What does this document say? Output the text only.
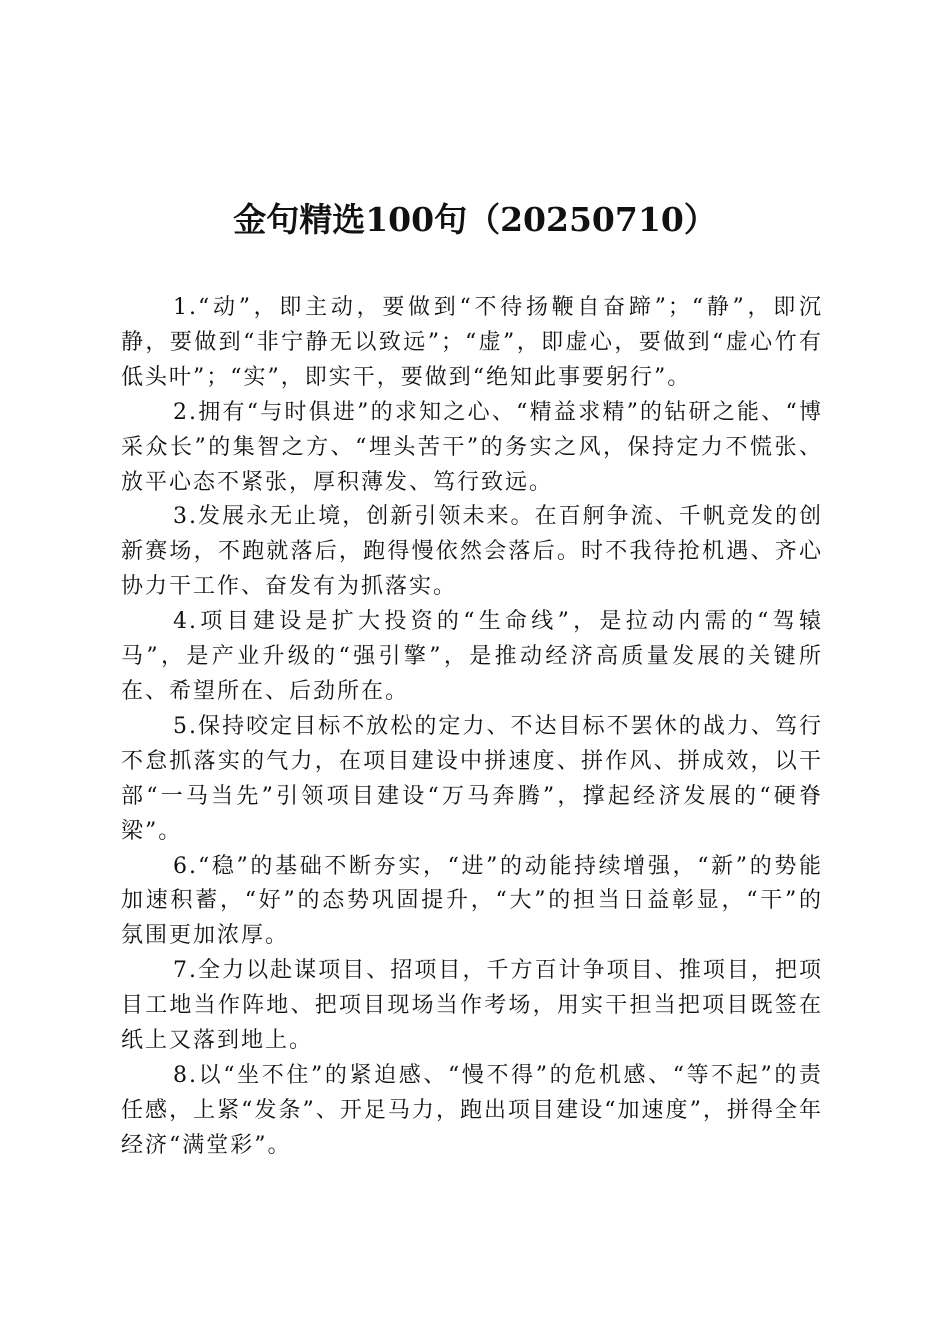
金句精选100句（20250710）

1.“动”，即主动，要做到“不待扬鞭自奋蹄”；“静”，即沉静，要做到“非宁静无以致远”；“虚”，即虚心，要做到“虚心竹有低头叶”；“实”，即实干，要做到“绝知此事要躬行”。

2.拥有“与时俱进”的求知之心、“精益求精”的钻研之能、“博采众长”的集智之方、“埋头苦干”的务实之风，保持定力不慌张、放平心态不紧张，厚积薄发、笃行致远。

3.发展永无止境，创新引领未来。在百舸争流、千帆竞发的创新赛场，不跑就落后，跑得慢依然会落后。时不我待抢机遇、齐心协力干工作、奋发有为抓落实。

4.项目建设是扩大投资的“生命线”，是拉动内需的“驾辕马”，是产业升级的“强引擎”，是推动经济高质量发展的关键所在、希望所在、后劲所在。

5.保持咬定目标不放松的定力、不达目标不罢休的战力、笃行不怠抓落实的气力，在项目建设中拼速度、拼作风、拼成效，以干部“一马当先”引领项目建设“万马奔腾”，撑起经济发展的“硬脊梁”。

6.“稳”的基础不断夯实，“进”的动能持续增强，“新”的势能加速积蓄，“好”的态势巩固提升，“大”的担当日益彰显，“干”的氛围更加浓厚。

7.全力以赴谋项目、招项目，千方百计争项目、推项目，把项目工地当作阵地、把项目现场当作考场，用实干担当把项目既签在纸上又落到地上。

8.以“坐不住”的紧迫感、“慢不得”的危机感、“等不起”的责任感，上紧“发条”、开足马力，跑出项目建设“加速度”，拼得全年经济“满堂彩”。
